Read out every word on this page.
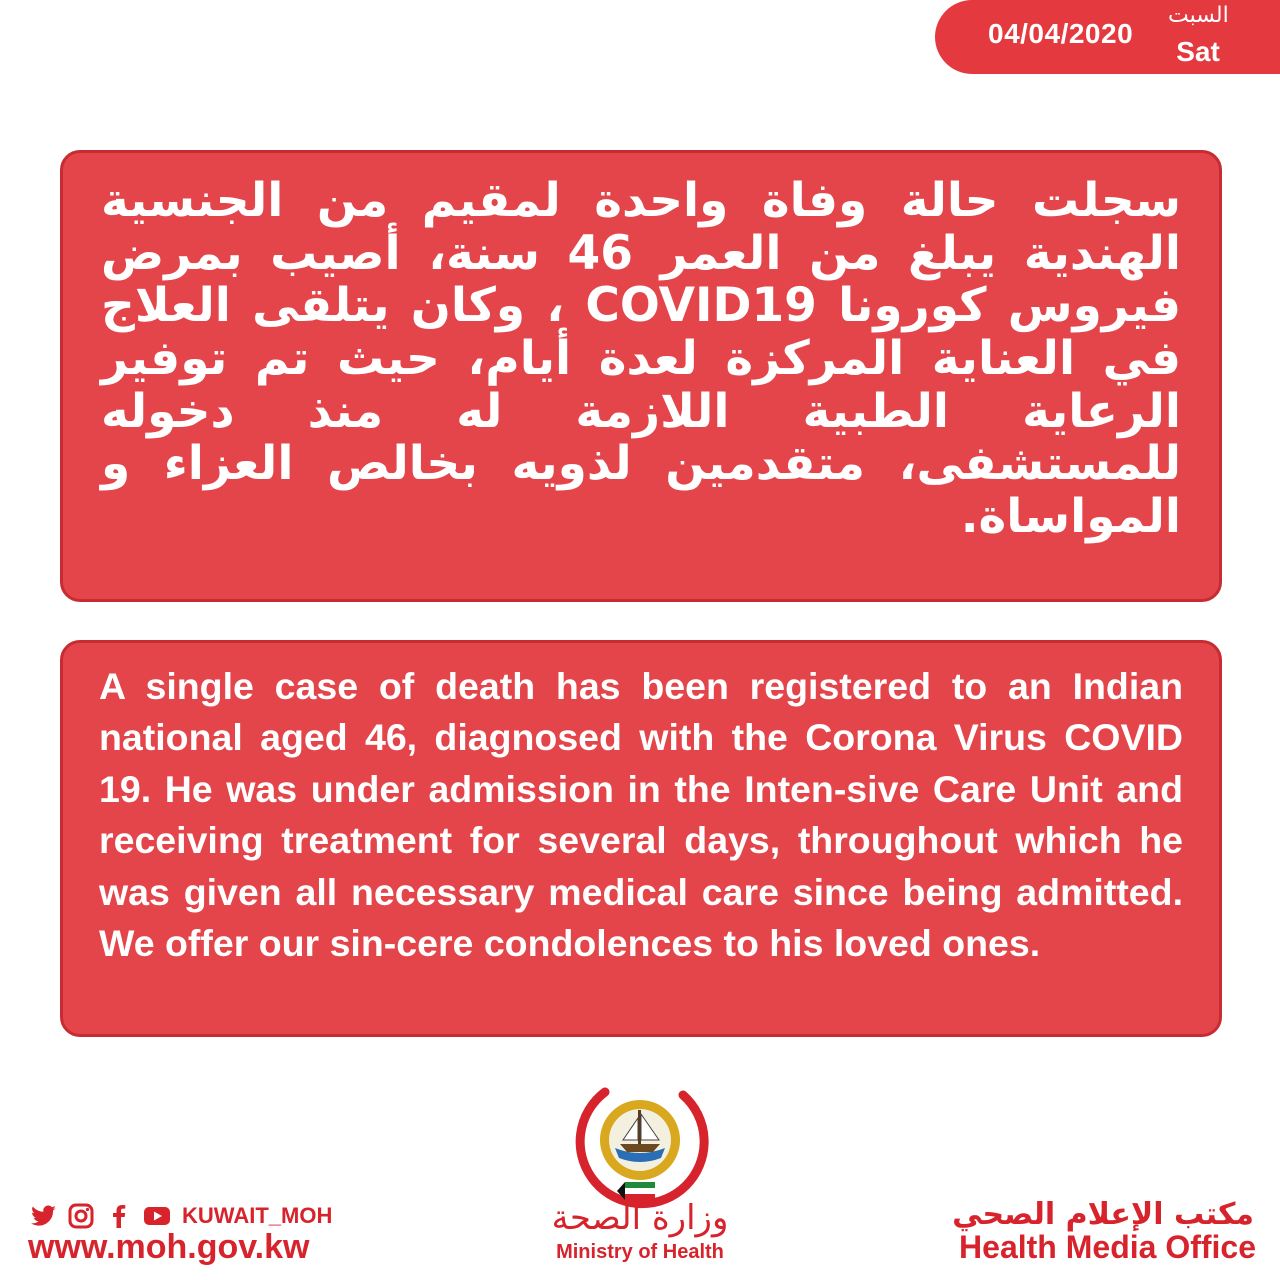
04/04/2020
السبت
Sat

سجلت حالة وفاة واحدة لمقيم من الجنسية الهندية يبلغ من العمر 46 سنة، أصيب بمرض فيروس كورونا COVID19 ، وكان يتلقى العلاج في العناية المركزة لعدة أيام، حيث تم توفير الرعاية الطبية اللازمة له منذ دخوله للمستشفى، متقدمين لذويه بخالص العزاء و المواساة.

A single case of death has been registered to an Indian national aged 46, diagnosed with the Corona Virus COVID 19. He was under admission in the Inten-sive Care Unit and receiving treatment for several days, throughout which he was given all necessary medical care since being admitted. We offer our sin-cere condolences to his loved ones.

وزارة الصحة
Ministry of Health
KUWAIT_MOH
www.moh.gov.kw
مكتب الإعلام الصحي
Health Media Office
